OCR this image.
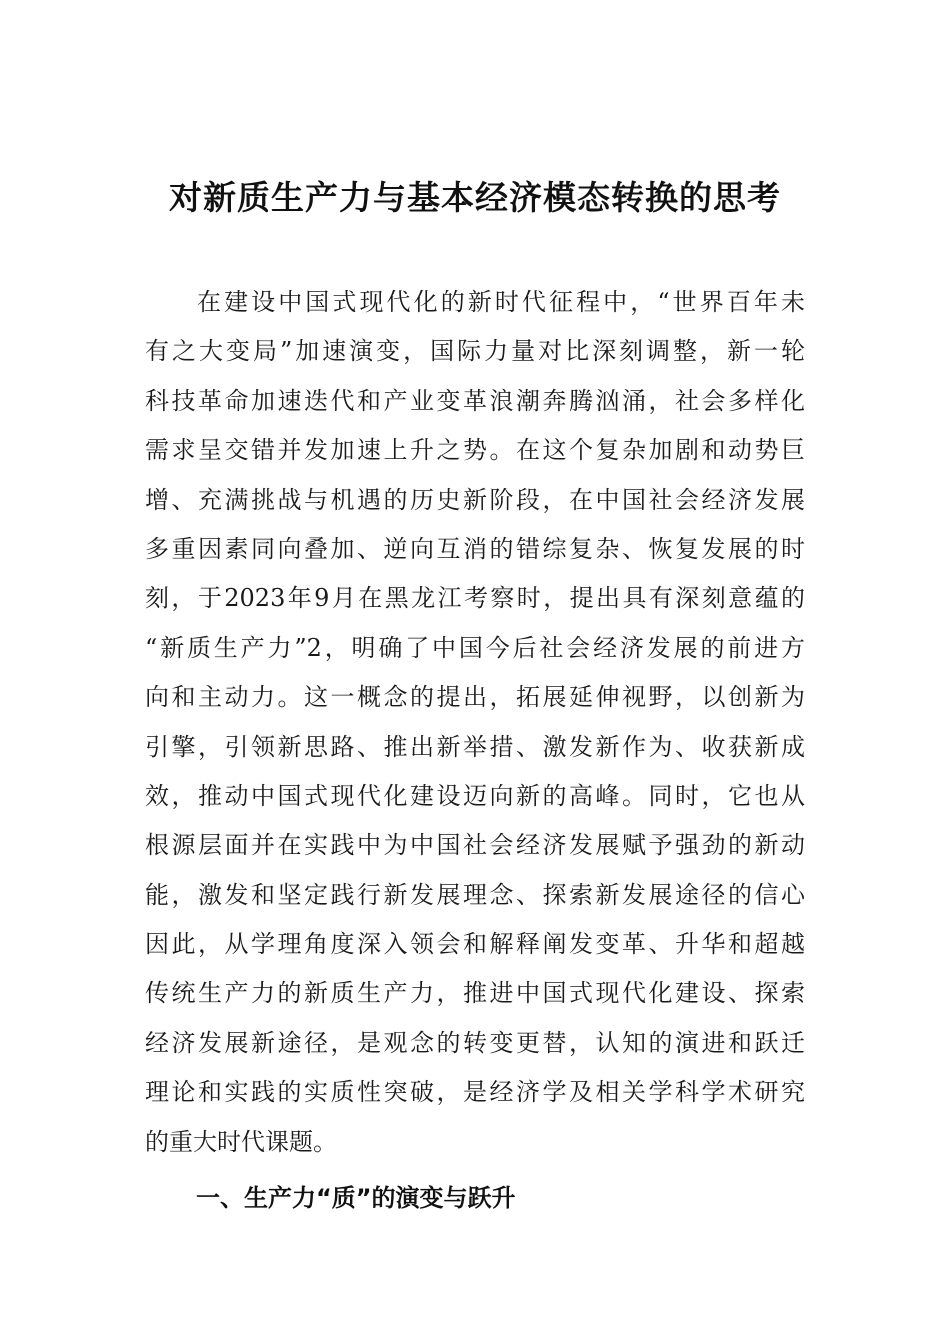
对新质生产力与基本经济模态转换的思考
在建设中国式现代化的新时代征程中，“世界百年未
有之大变局”加速演变，国际力量对比深刻调整，新一轮
科技革命加速迭代和产业变革浪潮奔腾汹涌，社会多样化
需求呈交错并发加速上升之势。在这个复杂加剧和动势巨
增、充满挑战与机遇的历史新阶段，在中国社会经济发展
多重因素同向叠加、逆向互消的错综复杂、恢复发展的时
刻，于2023年9月在黑龙江考察时，提出具有深刻意蕴的
“新质生产力”2，明确了中国今后社会经济发展的前进方
向和主动力。这一概念的提出，拓展延伸视野，以创新为
引擎，引领新思路、推出新举措、激发新作为、收获新成
效，推动中国式现代化建设迈向新的高峰。同时，它也从
根源层面并在实践中为中国社会经济发展赋予强劲的新动
能，激发和坚定践行新发展理念、探索新发展途径的信心
因此，从学理角度深入领会和解释阐发变革、升华和超越
传统生产力的新质生产力，推进中国式现代化建设、探索
经济发展新途径，是观念的转变更替，认知的演进和跃迁
理论和实践的实质性突破，是经济学及相关学科学术研究
的重大时代课题。
一、生产力“质”的演变与跃升
